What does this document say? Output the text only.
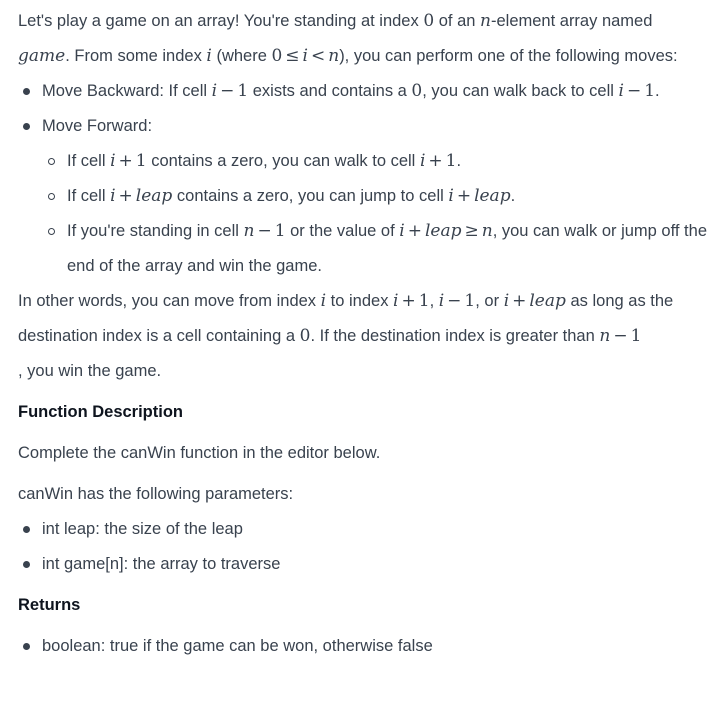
Let's play a game on an array! You're standing at index 0 of an n-element array named game. From some index i (where 0 ≤ i < n), you can perform one of the following moves:

Move Backward: If cell i − 1 exists and contains a 0, you can walk back to cell i − 1.
Move Forward:
If cell i + 1 contains a zero, you can walk to cell i + 1.
If cell i + leap contains a zero, you can jump to cell i + leap.
If you're standing in cell n − 1 or the value of i + leap ≥ n, you can walk or jump off the end of the array and win the game.

In other words, you can move from index i to index i + 1, i − 1, or i + leap as long as the destination index is a cell containing a 0. If the destination index is greater than n − 1
, you win the game.

Function Description

Complete the canWin function in the editor below.

canWin has the following parameters:

int leap: the size of the leap
int game[n]: the array to traverse
Returns
boolean: true if the game can be won, otherwise false
